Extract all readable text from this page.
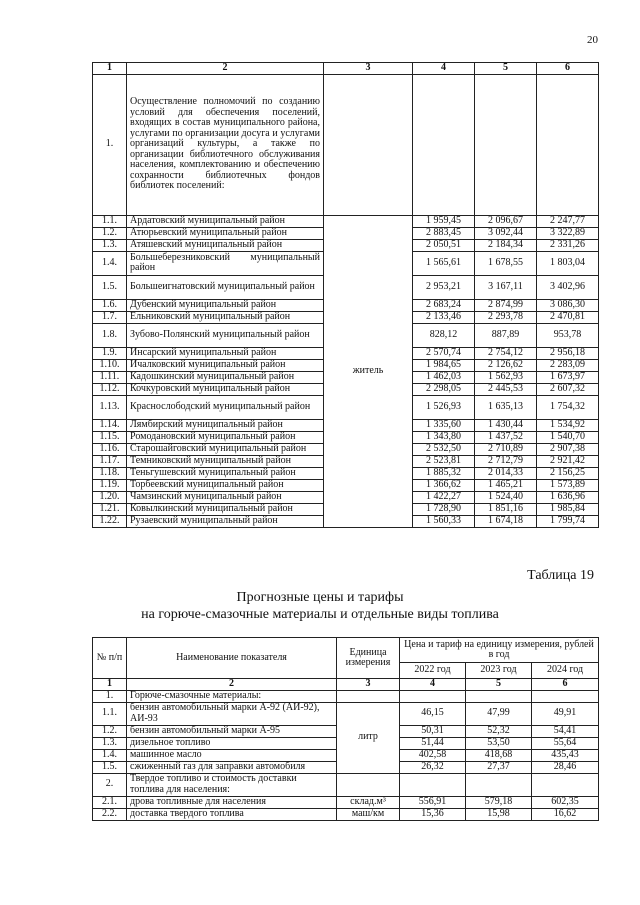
20
1	2	3	4	5	6
1.	Осуществление полномочий по созданию условий для обеспечения поселений, входящих в состав муниципального района, услугами по организации досуга и услугами организаций культуры, а также по организации библиотечного обслуживания населения, комплектованию и обеспечению сохранности библиотечных фондов библиотек поселений:				
1.1.	Ардатовский муниципальный район	житель	1 959,45	2 096,67	2 247,77
1.2.	Атюрьевский муниципальный район		2 883,45	3 092,44	3 322,89
1.3.	Атяшевский муниципальный район		2 050,51	2 184,34	2 331,26
1.4.	Большеберезниковский муниципальный район		1 565,61	1 678,55	1 803,04
1.5.	Большеигнатовский муниципальный район		2 953,21	3 167,11	3 402,96
1.6.	Дубенский муниципальный район		2 683,24	2 874,99	3 086,30
1.7.	Ельниковский муниципальный район		2 133,46	2 293,78	2 470,81
1.8.	Зубово-Полянский муниципальный район		828,12	887,89	953,78
1.9.	Инсарский муниципальный район		2 570,74	2 754,12	2 956,18
1.10.	Ичалковский муниципальный район		1 984,65	2 126,62	2 283,09
1.11.	Кадошкинский муниципальный район		1 462,03	1 562,93	1 673,97
1.12.	Кочкуровский муниципальный район		2 298,05	2 445,53	2 607,32
1.13.	Краснослободский муниципальный район		1 526,93	1 635,13	1 754,32
1.14.	Лямбирский муниципальный район		1 335,60	1 430,44	1 534,92
1.15.	Ромодановский муниципальный район		1 343,80	1 437,52	1 540,70
1.16.	Старошайговский муниципальный район		2 532,50	2 710,89	2 907,38
1.17.	Темниковский муниципальный район		2 523,81	2 712,79	2 921,42
1.18.	Теньгушевский муниципальный район		1 885,32	2 014,33	2 156,25
1.19.	Торбеевский муниципальный район		1 366,62	1 465,21	1 573,89
1.20.	Чамзинский муниципальный район		1 422,27	1 524,40	1 636,96
1.21.	Ковылкинский муниципальный район		1 728,90	1 851,16	1 985,84
1.22.	Рузаевский муниципальный район		1 560,33	1 674,18	1 799,74
Таблица 19
Прогнозные цены и тарифы
на горюче-смазочные материалы и отдельные виды топлива
№ п/п	Наименование показателя	Единица измерения	Цена и тариф на единицу измерения, рублей в год		
			2022 год	2023 год	2024 год
1	2	3	4	5	6
1.	Горюче-смазочные материалы:				
1.1.	бензин автомобильный марки А-92 (АИ-92), АИ-93	литр	46,15	47,99	49,91
1.2.	бензин автомобильный марки А-95		50,31	52,32	54,41
1.3.	дизельное топливо		51,44	53,50	55,64
1.4.	машинное масло		402,58	418,68	435,43
1.5.	сжиженный газ для заправки автомобиля		26,32	27,37	28,46
2.	Твердое топливо и стоимость доставки топлива для населения:				
2.1.	дрова топливные для населения	склад.м³	556,91	579,18	602,35
2.2.	доставка твердого топлива	маш/км	15,36	15,98	16,62
